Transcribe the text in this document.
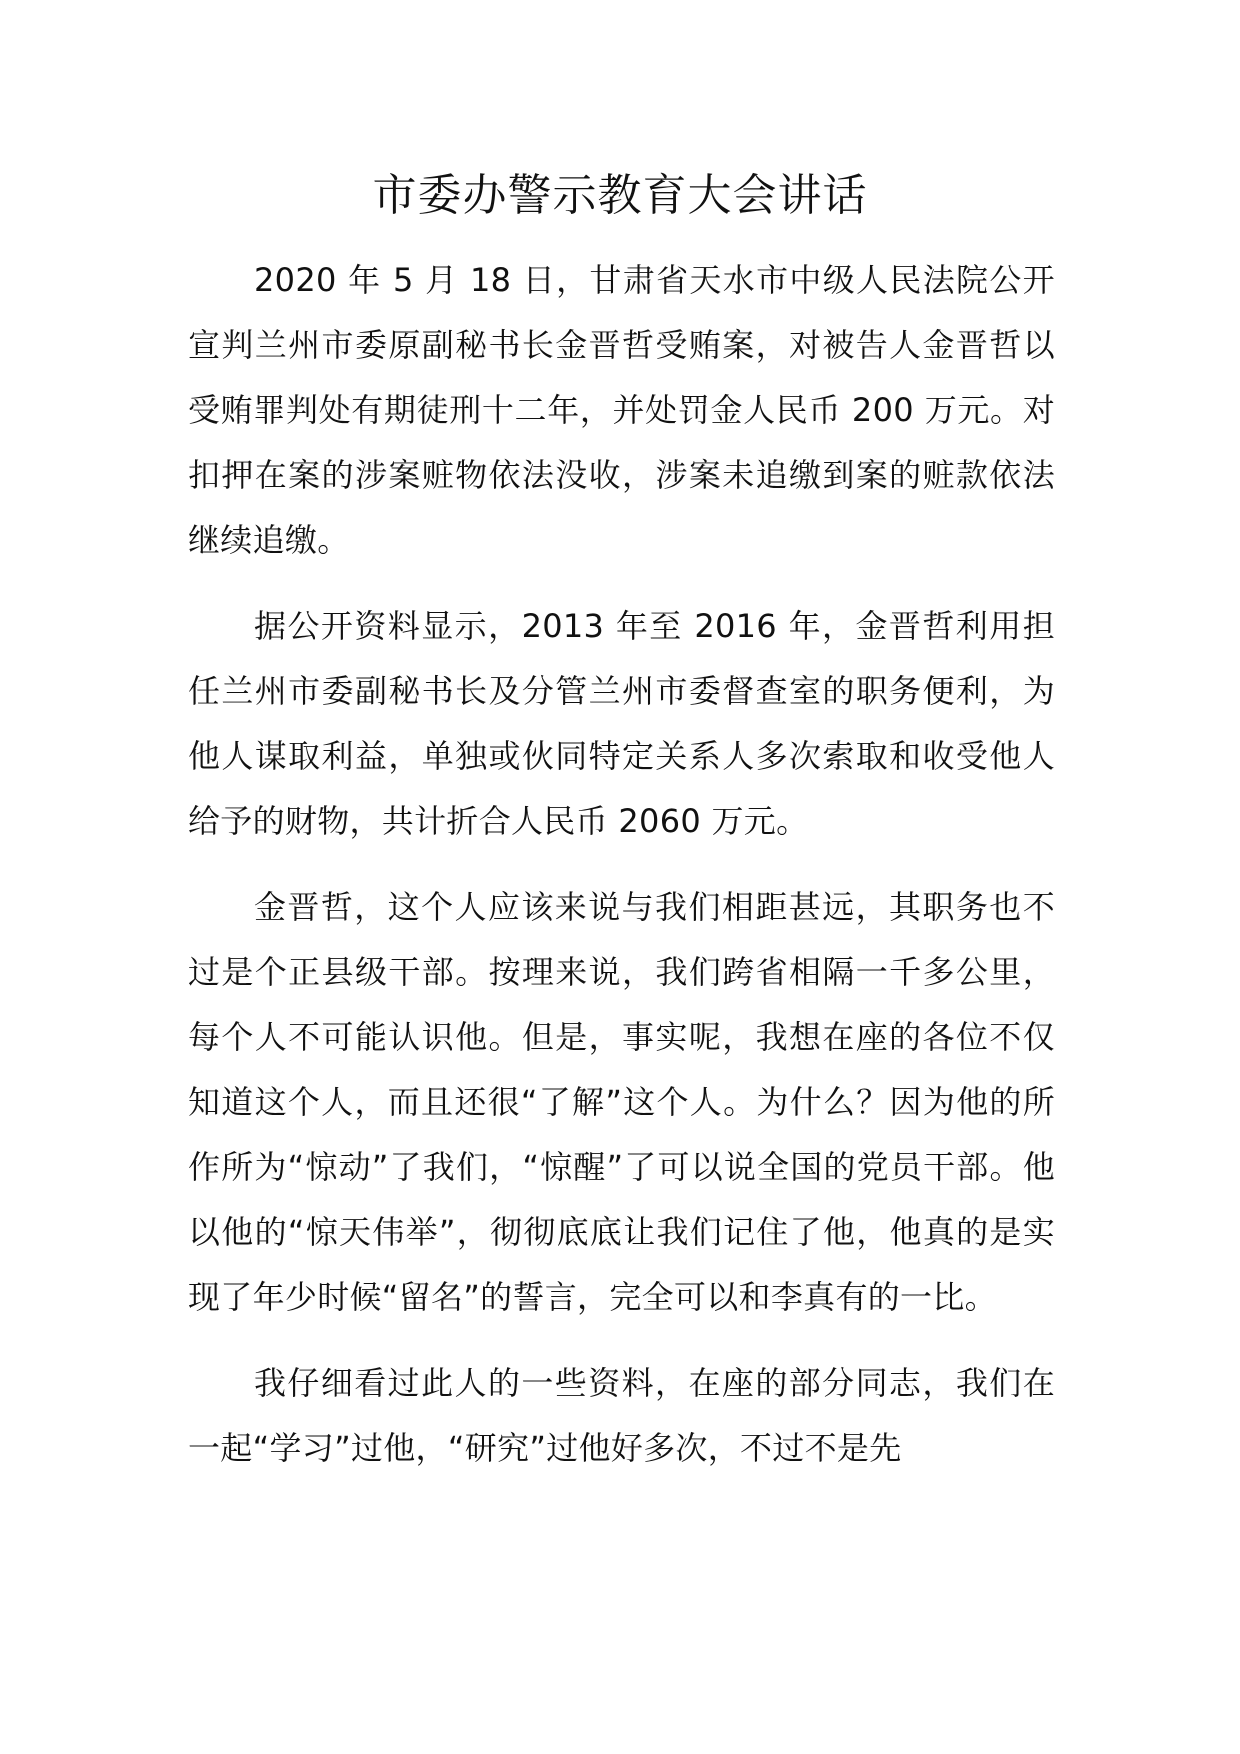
市委办警示教育大会讲话

2020 年 5 月 18 日，甘肃省天水市中级人民法院公开宣判兰州市委原副秘书长金晋哲受贿案，对被告人金晋哲以受贿罪判处有期徒刑十二年，并处罚金人民币 200 万元。对扣押在案的涉案赃物依法没收，涉案未追缴到案的赃款依法继续追缴。

据公开资料显示，2013 年至 2016 年，金晋哲利用担任兰州市委副秘书长及分管兰州市委督查室的职务便利，为他人谋取利益，单独或伙同特定关系人多次索取和收受他人给予的财物，共计折合人民币 2060 万元。

金晋哲，这个人应该来说与我们相距甚远，其职务也不过是个正县级干部。按理来说，我们跨省相隔一千多公里，每个人不可能认识他。但是，事实呢，我想在座的各位不仅知道这个人，而且还很“了解”这个人。为什么？因为他的所作所为“惊动”了我们，“惊醒”了可以说全国的党员干部。他以他的“惊天伟举”，彻彻底底让我们记住了他，他真的是实现了年少时候“留名”的誓言，完全可以和李真有的一比。

我仔细看过此人的一些资料，在座的部分同志，我们在一起“学习”过他，“研究”过他好多次，不过不是先
